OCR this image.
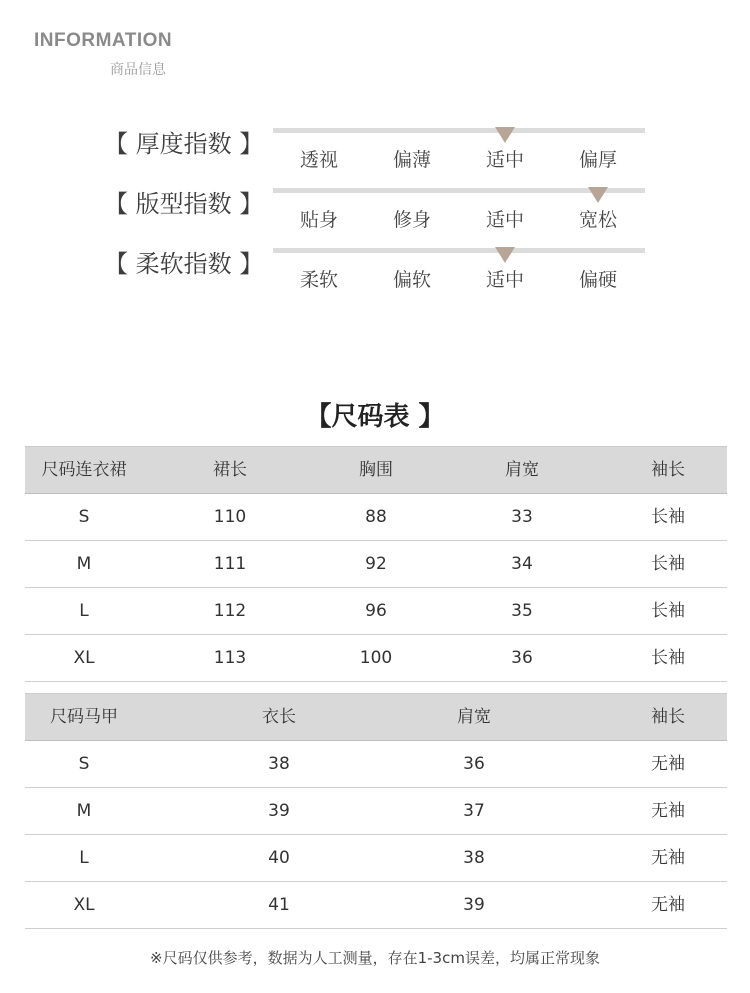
INFORMATION
商品信息
【 厚度指数 】
透视	偏薄	适中	偏厚
【 版型指数 】
贴身	修身	适中	宽松
【 柔软指数 】
柔软	偏软	适中	偏硬
【尺码表 】
尺码连衣裙	裙长	胸围	肩宽	袖长
S	110	88	33	长袖
M	111	92	34	长袖
L	112	96	35	长袖
XL	113	100	36	长袖
尺码马甲	衣长	肩宽	袖长
S	38	36	无袖
M	39	37	无袖
L	40	38	无袖
XL	41	39	无袖
※尺码仅供参考，数据为人工测量，存在1-3cm误差，均属正常现象
